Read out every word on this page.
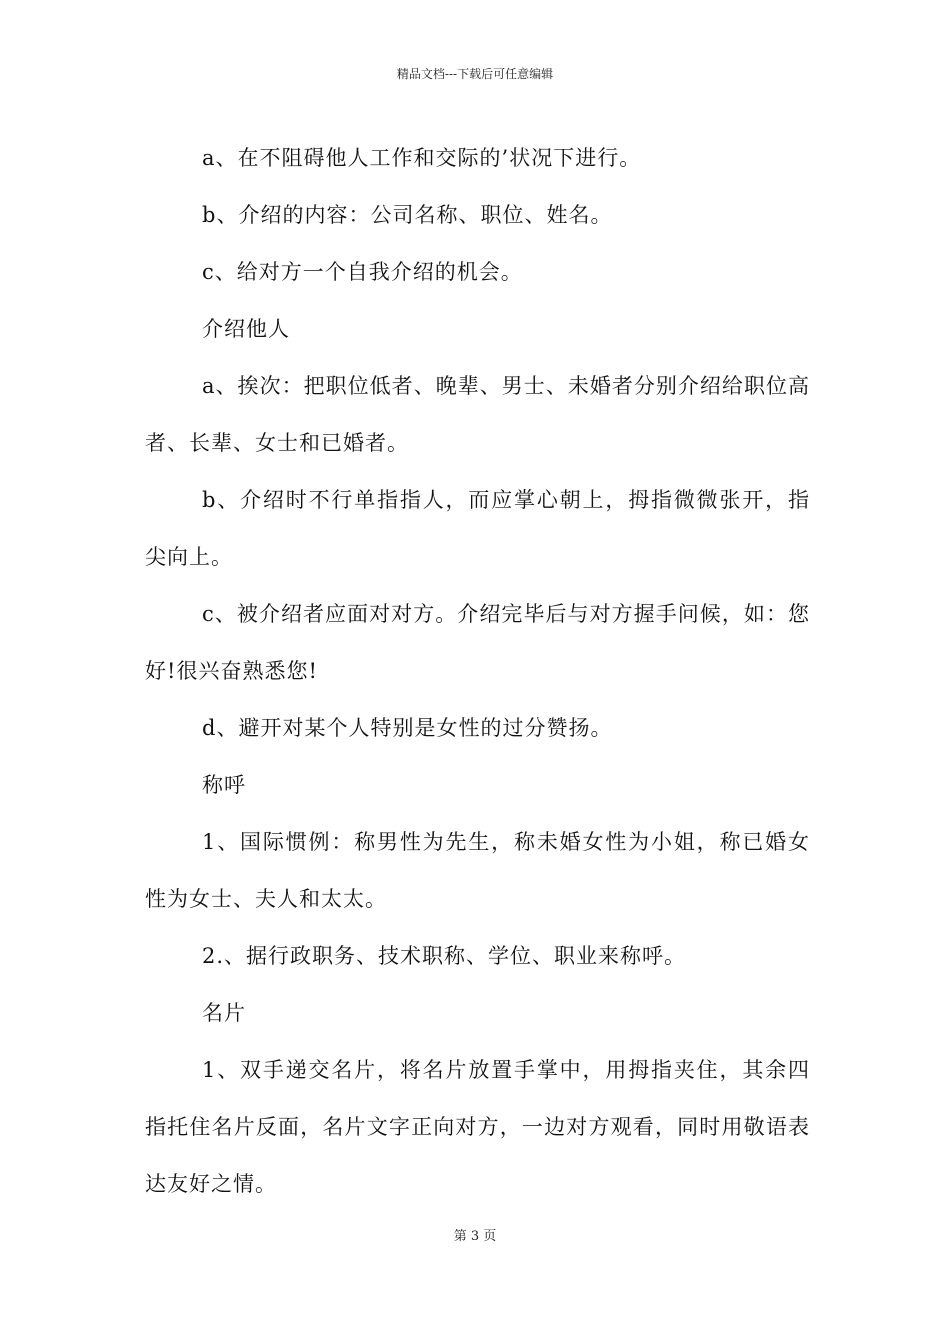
精品文档---下载后可任意编辑

a、在不阻碍他人工作和交际的’状况下进行。

b、介绍的内容：公司名称、职位、姓名。

c、给对方一个自我介绍的机会。

介绍他人

a、挨次：把职位低者、晚辈、男士、未婚者分别介绍给职位高者、长辈、女士和已婚者。

b、介绍时不行单指指人，而应掌心朝上，拇指微微张开，指尖向上。

c、被介绍者应面对对方。介绍完毕后与对方握手问候，如：您好!很兴奋熟悉您!

d、避开对某个人特别是女性的过分赞扬。

称呼

1、国际惯例：称男性为先生，称未婚女性为小姐，称已婚女性为女士、夫人和太太。

2.、据行政职务、技术职称、学位、职业来称呼。

名片

1、双手递交名片，将名片放置手掌中，用拇指夹住，其余四指托住名片反面，名片文字正向对方，一边对方观看，同时用敬语表达友好之情。

第 3 页
